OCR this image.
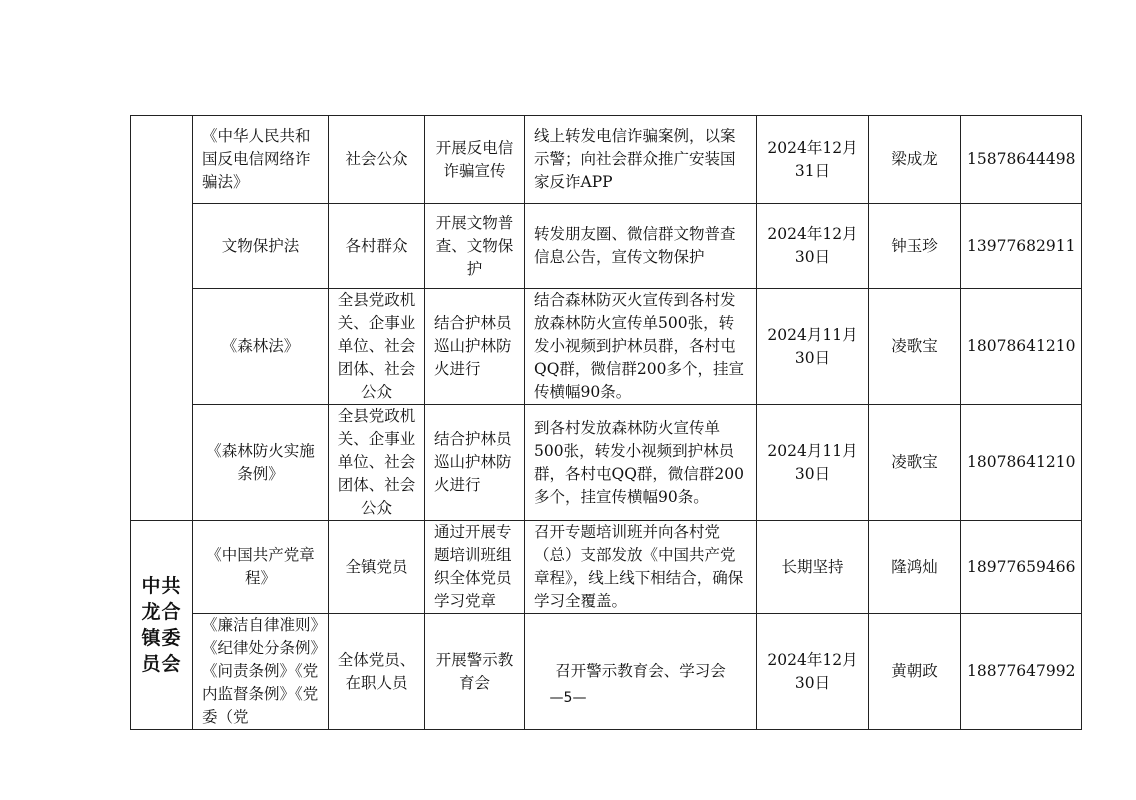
	《中华人民共和国反电信网络诈骗法》	社会公众	开展反电信诈骗宣传	线上转发电信诈骗案例，以案示警；向社会群众推广安装国家反诈APP	2024年12月31日	梁成龙	15878644498
	文物保护法	各村群众	开展文物普查、文物保护	转发朋友圈、微信群文物普查信息公告，宣传文物保护	2024年12月30日	钟玉珍	13977682911
	《森林法》	全县党政机关、企事业单位、社会团体、社会公众	结合护林员巡山护林防火进行	结合森林防灭火宣传到各村发放森林防火宣传单500张，转发小视频到护林员群，各村屯QQ群，微信群200多个，挂宣传横幅90条。	2024月11月30日	凌歌宝	18078641210
	《森林防火实施条例》	全县党政机关、企事业单位、社会团体、社会公众	结合护林员巡山护林防火进行	到各村发放森林防火宣传单500张，转发小视频到护林员群，各村屯QQ群，微信群200多个，挂宣传横幅90条。	2024月11月30日	凌歌宝	18078641210
中共龙合镇委员会	《中国共产党章程》	全镇党员	通过开展专题培训班组织全体党员学习党章	召开专题培训班并向各村党（总）支部发放《中国共产党章程》，线上线下相结合，确保学习全覆盖。	长期坚持	隆鸿灿	18977659466
	《廉洁自律准则》《纪律处分条例》《问责条例》《党内监督条例》《党委（党	全体党员、在职人员	开展警示教育会	召开警示教育会、学习会	2024年12月30日	黄朝政	18877647992
—5—
